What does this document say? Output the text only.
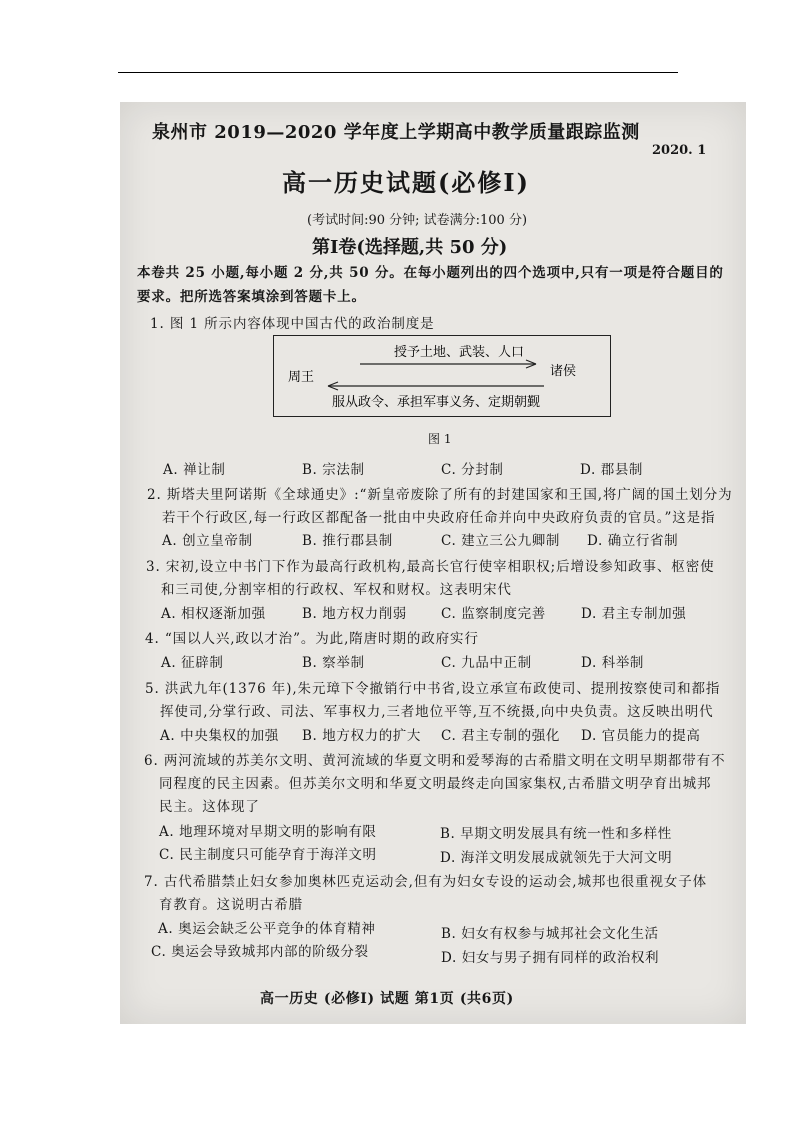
泉州市 2019—2020 学年度上学期高中教学质量跟踪监测
2020. 1
高一历史试题(必修Ⅰ)
(考试时间:90 分钟; 试卷满分:100 分)
第Ⅰ卷(选择题,共 50 分)
本卷共 25 小题,每小题 2 分,共 50 分。在每小题列出的四个选项中,只有一项是符合题目的
要求。把所选答案填涂到答题卡上。
1. 图 1 所示内容体现中国古代的政治制度是
授予土地、武装、人口
周王	诸侯
服从政令、承担军事义务、定期朝觐
图 1
A. 禅让制	B. 宗法制	C. 分封制	D. 郡县制
2. 斯塔夫里阿诺斯《全球通史》:“新皇帝废除了所有的封建国家和王国,将广阔的国土划分为
若干个行政区,每一行政区都配备一批由中央政府任命并向中央政府负责的官员。”这是指
A. 创立皇帝制	B. 推行郡县制	C. 建立三公九卿制 D. 确立行省制
3. 宋初,设立中书门下作为最高行政机构,最高长官行使宰相职权;后增设参知政事、枢密使
和三司使,分割宰相的行政权、军权和财权。这表明宋代
A. 相权逐渐加强	B. 地方权力削弱	C. 监察制度完善	D. 君主专制加强
4. “国以人兴,政以才治”。为此,隋唐时期的政府实行
A. 征辟制	B. 察举制	C. 九品中正制	D. 科举制
5. 洪武九年(1376 年),朱元璋下令撤销行中书省,设立承宣布政使司、提刑按察使司和都指
挥使司,分掌行政、司法、军事权力,三者地位平等,互不统摄,向中央负责。这反映出明代
A. 中央集权的加强 B. 地方权力的扩大 C. 君主专制的强化 D. 官员能力的提高
6. 两河流域的苏美尔文明、黄河流域的华夏文明和爱琴海的古希腊文明在文明早期都带有不
同程度的民主因素。但苏美尔文明和华夏文明最终走向国家集权,古希腊文明孕育出城邦
民主。这体现了
A. 地理环境对早期文明的影响有限	B. 早期文明发展具有统一性和多样性
C. 民主制度只可能孕育于海洋文明	D. 海洋文明发展成就领先于大河文明
7. 古代希腊禁止妇女参加奥林匹克运动会,但有为妇女专设的运动会,城邦也很重视女子体
育教育。这说明古希腊
A. 奥运会缺乏公平竞争的体育精神	B. 妇女有权参与城邦社会文化生活
C. 奥运会导致城邦内部的阶级分裂	D. 妇女与男子拥有同样的政治权利
高一历史 (必修Ⅰ) 试题 第1页 (共6页)
